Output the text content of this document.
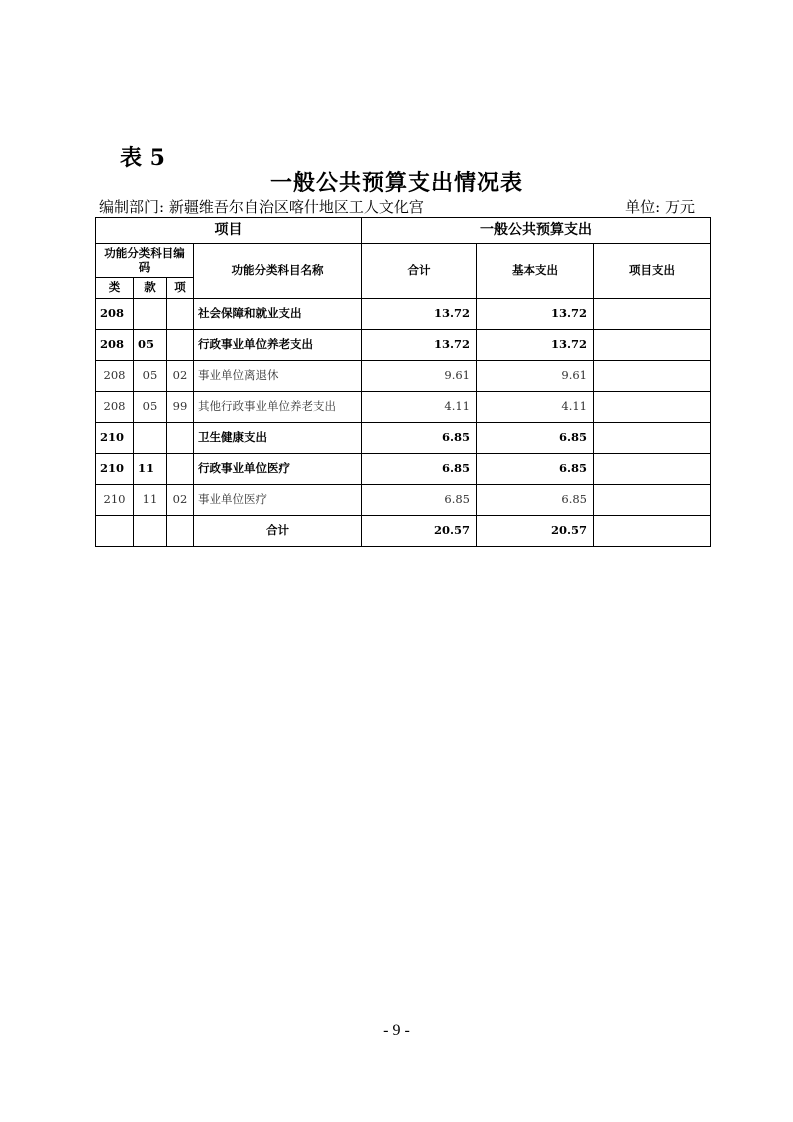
表 5
一般公共预算支出情况表
编制部门: 新疆维吾尔自治区喀什地区工人文化宫	单位: 万元
项目				一般公共预算支出		
功能分类科目编码			功能分类科目名称	合计	基本支出	项目支出
类	款	项				
208			社会保障和就业支出	13.72	13.72	
208	05		行政事业单位养老支出	13.72	13.72	
208	05	02	事业单位离退休	9.61	9.61	
208	05	99	其他行政事业单位养老支出	4.11	4.11	
210			卫生健康支出	6.85	6.85	
210	11		行政事业单位医疗	6.85	6.85	
210	11	02	事业单位医疗	6.85	6.85	
			合计	20.57	20.57	
- 9 -
